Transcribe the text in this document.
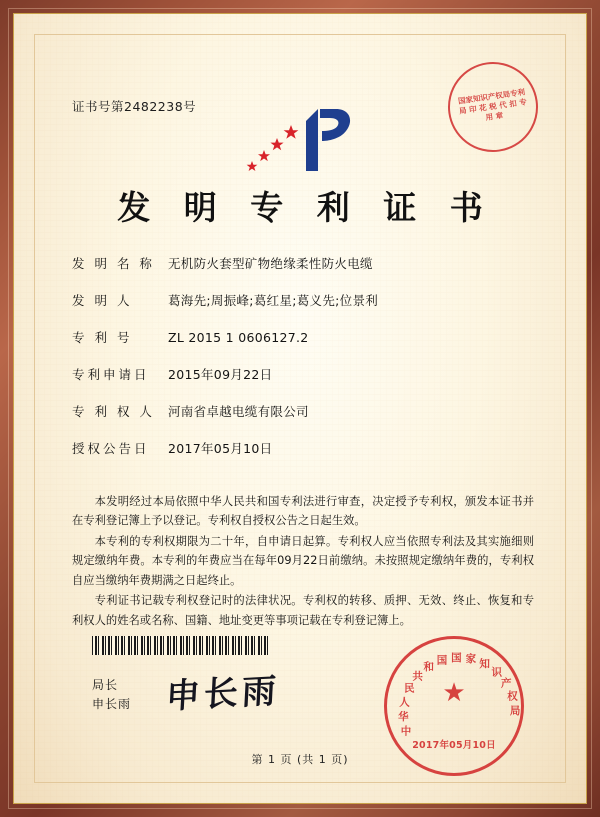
证书号第2482238号
国家知识产权局专利局 印 花 税 代 扣 专 用 章
发 明 专 利 证 书
发 明 名 称	无机防火套型矿物绝缘柔性防火电缆
发 明 人	葛海先;周振峰;葛红星;葛义先;位景利
专 利 号	ZL 2015 1 0606127.2
专利申请日	2015年09月22日
专 利 权 人	河南省卓越电缆有限公司
授权公告日	2017年05月10日

本发明经过本局依照中华人民共和国专利法进行审查，决定授予专利权，颁发本证书并在专利登记簿上予以登记。专利权自授权公告之日起生效。

本专利的专利权期限为二十年，自申请日起算。专利权人应当依照专利法及其实施细则规定缴纳年费。本专利的年费应当在每年09月22日前缴纳。未按照规定缴纳年费的，专利权自应当缴纳年费期满之日起终止。

专利证书记载专利权登记时的法律状况。专利权的转移、质押、无效、终止、恢复和专利权人的姓名或名称、国籍、地址变更等事项记载在专利登记簿上。

局长
申长雨 申长雨
中
华
人
民
共
和
国 国 家 知
识
产
权
局
★
2017年05月10日
第 1 页 (共 1 页)
